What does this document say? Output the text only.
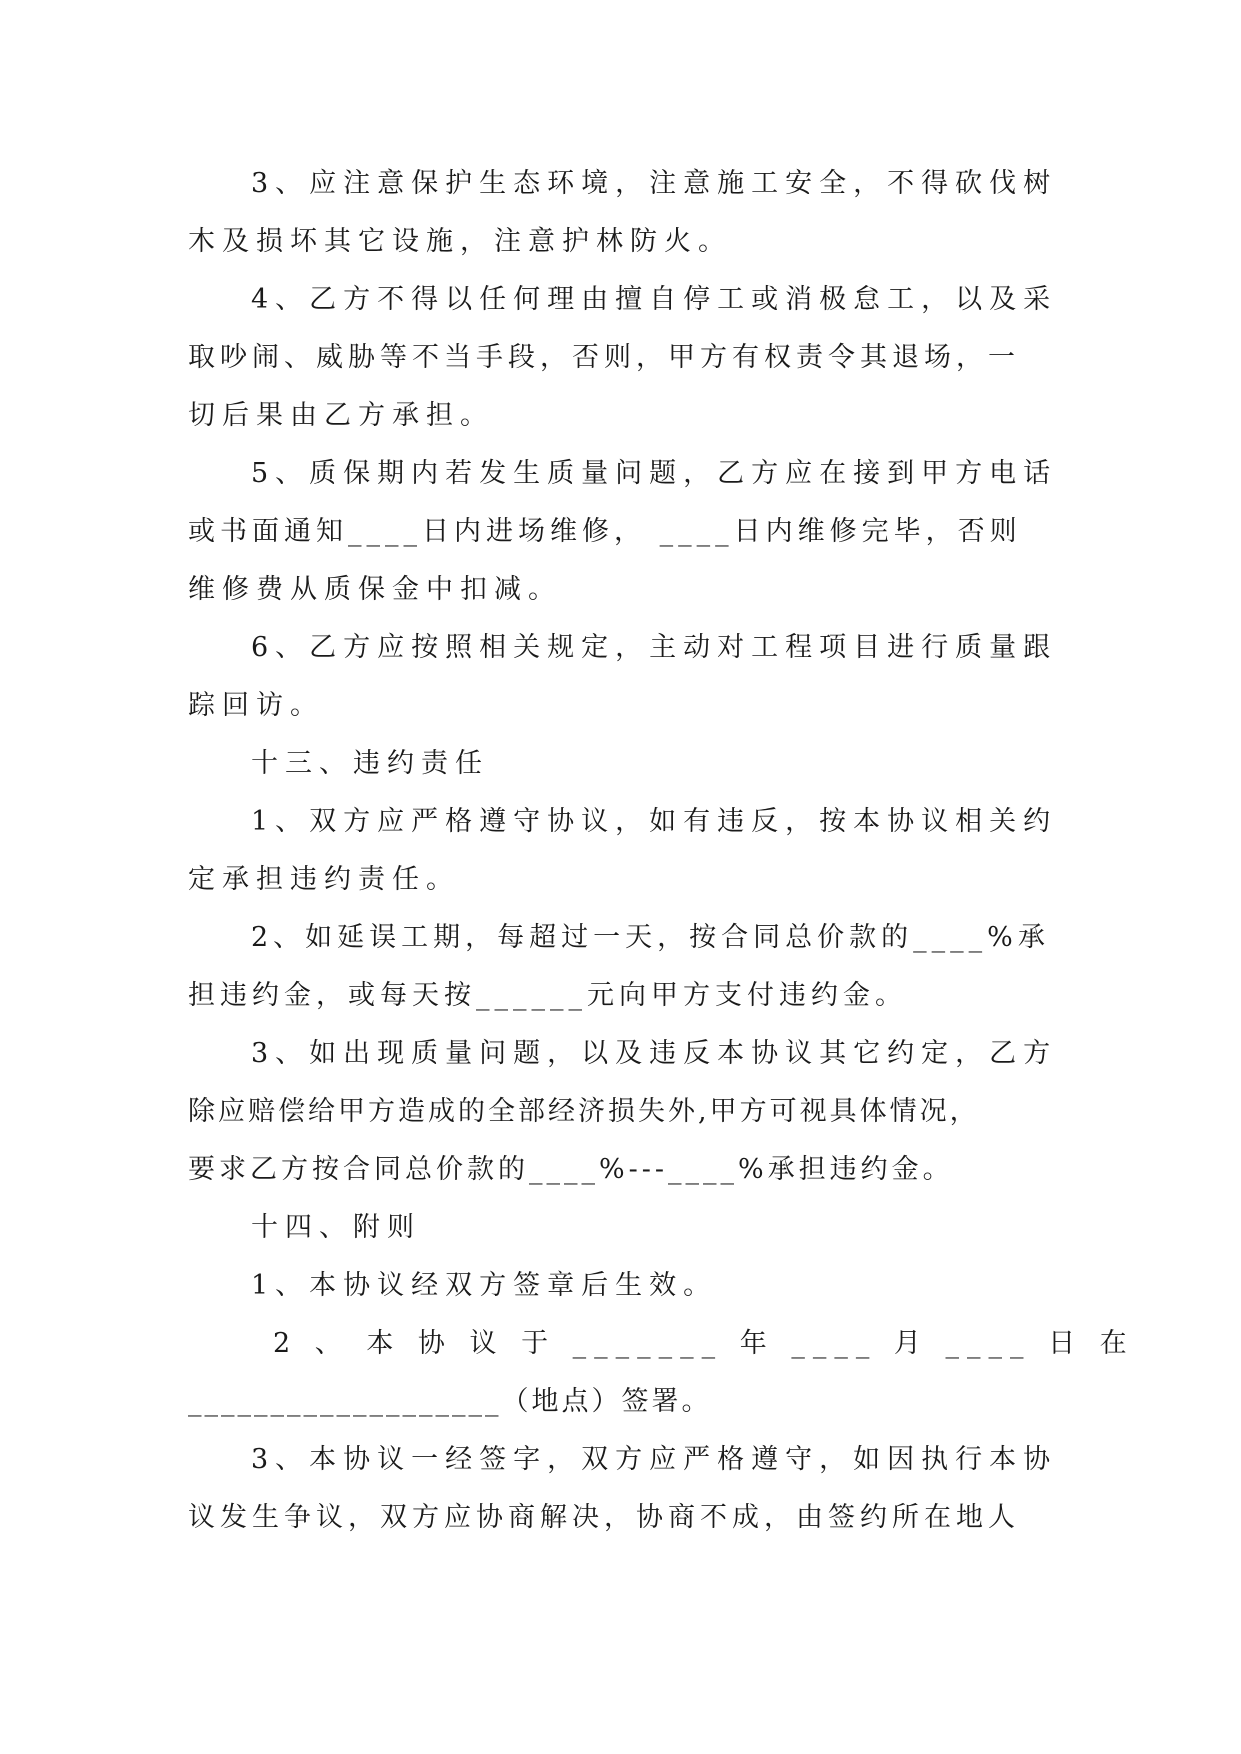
3、应注意保护生态环境，注意施工安全，不得砍伐树
木及损坏其它设施，注意护林防火。
4、乙方不得以任何理由擅自停工或消极怠工，以及采
取吵闹、威胁等不当手段，否则，甲方有权责令其退场，一
切后果由乙方承担。
5、质保期内若发生质量问题，乙方应在接到甲方电话
或书面通知____日内进场维修， ____日内维修完毕，否则
维修费从质保金中扣减。
6、乙方应按照相关规定，主动对工程项目进行质量跟
踪回访。
十三、违约责任
1、双方应严格遵守协议，如有违反，按本协议相关约
定承担违约责任。
2、如延误工期，每超过一天，按合同总价款的____%承
担违约金，或每天按______元向甲方支付违约金。
3、如出现质量问题，以及违反本协议其它约定，乙方
除应赔偿给甲方造成的全部经济损失外,甲方可视具体情况，
要求乙方按合同总价款的____%---____%承担违约金。
十四、附则
1、本协议经双方签章后生效。
2 、 本 协 议 于 _______ 年 ____ 月 ____ 日 在
___________________（地点）签署。
3、本协议一经签字，双方应严格遵守，如因执行本协
议发生争议，双方应协商解决，协商不成，由签约所在地人
